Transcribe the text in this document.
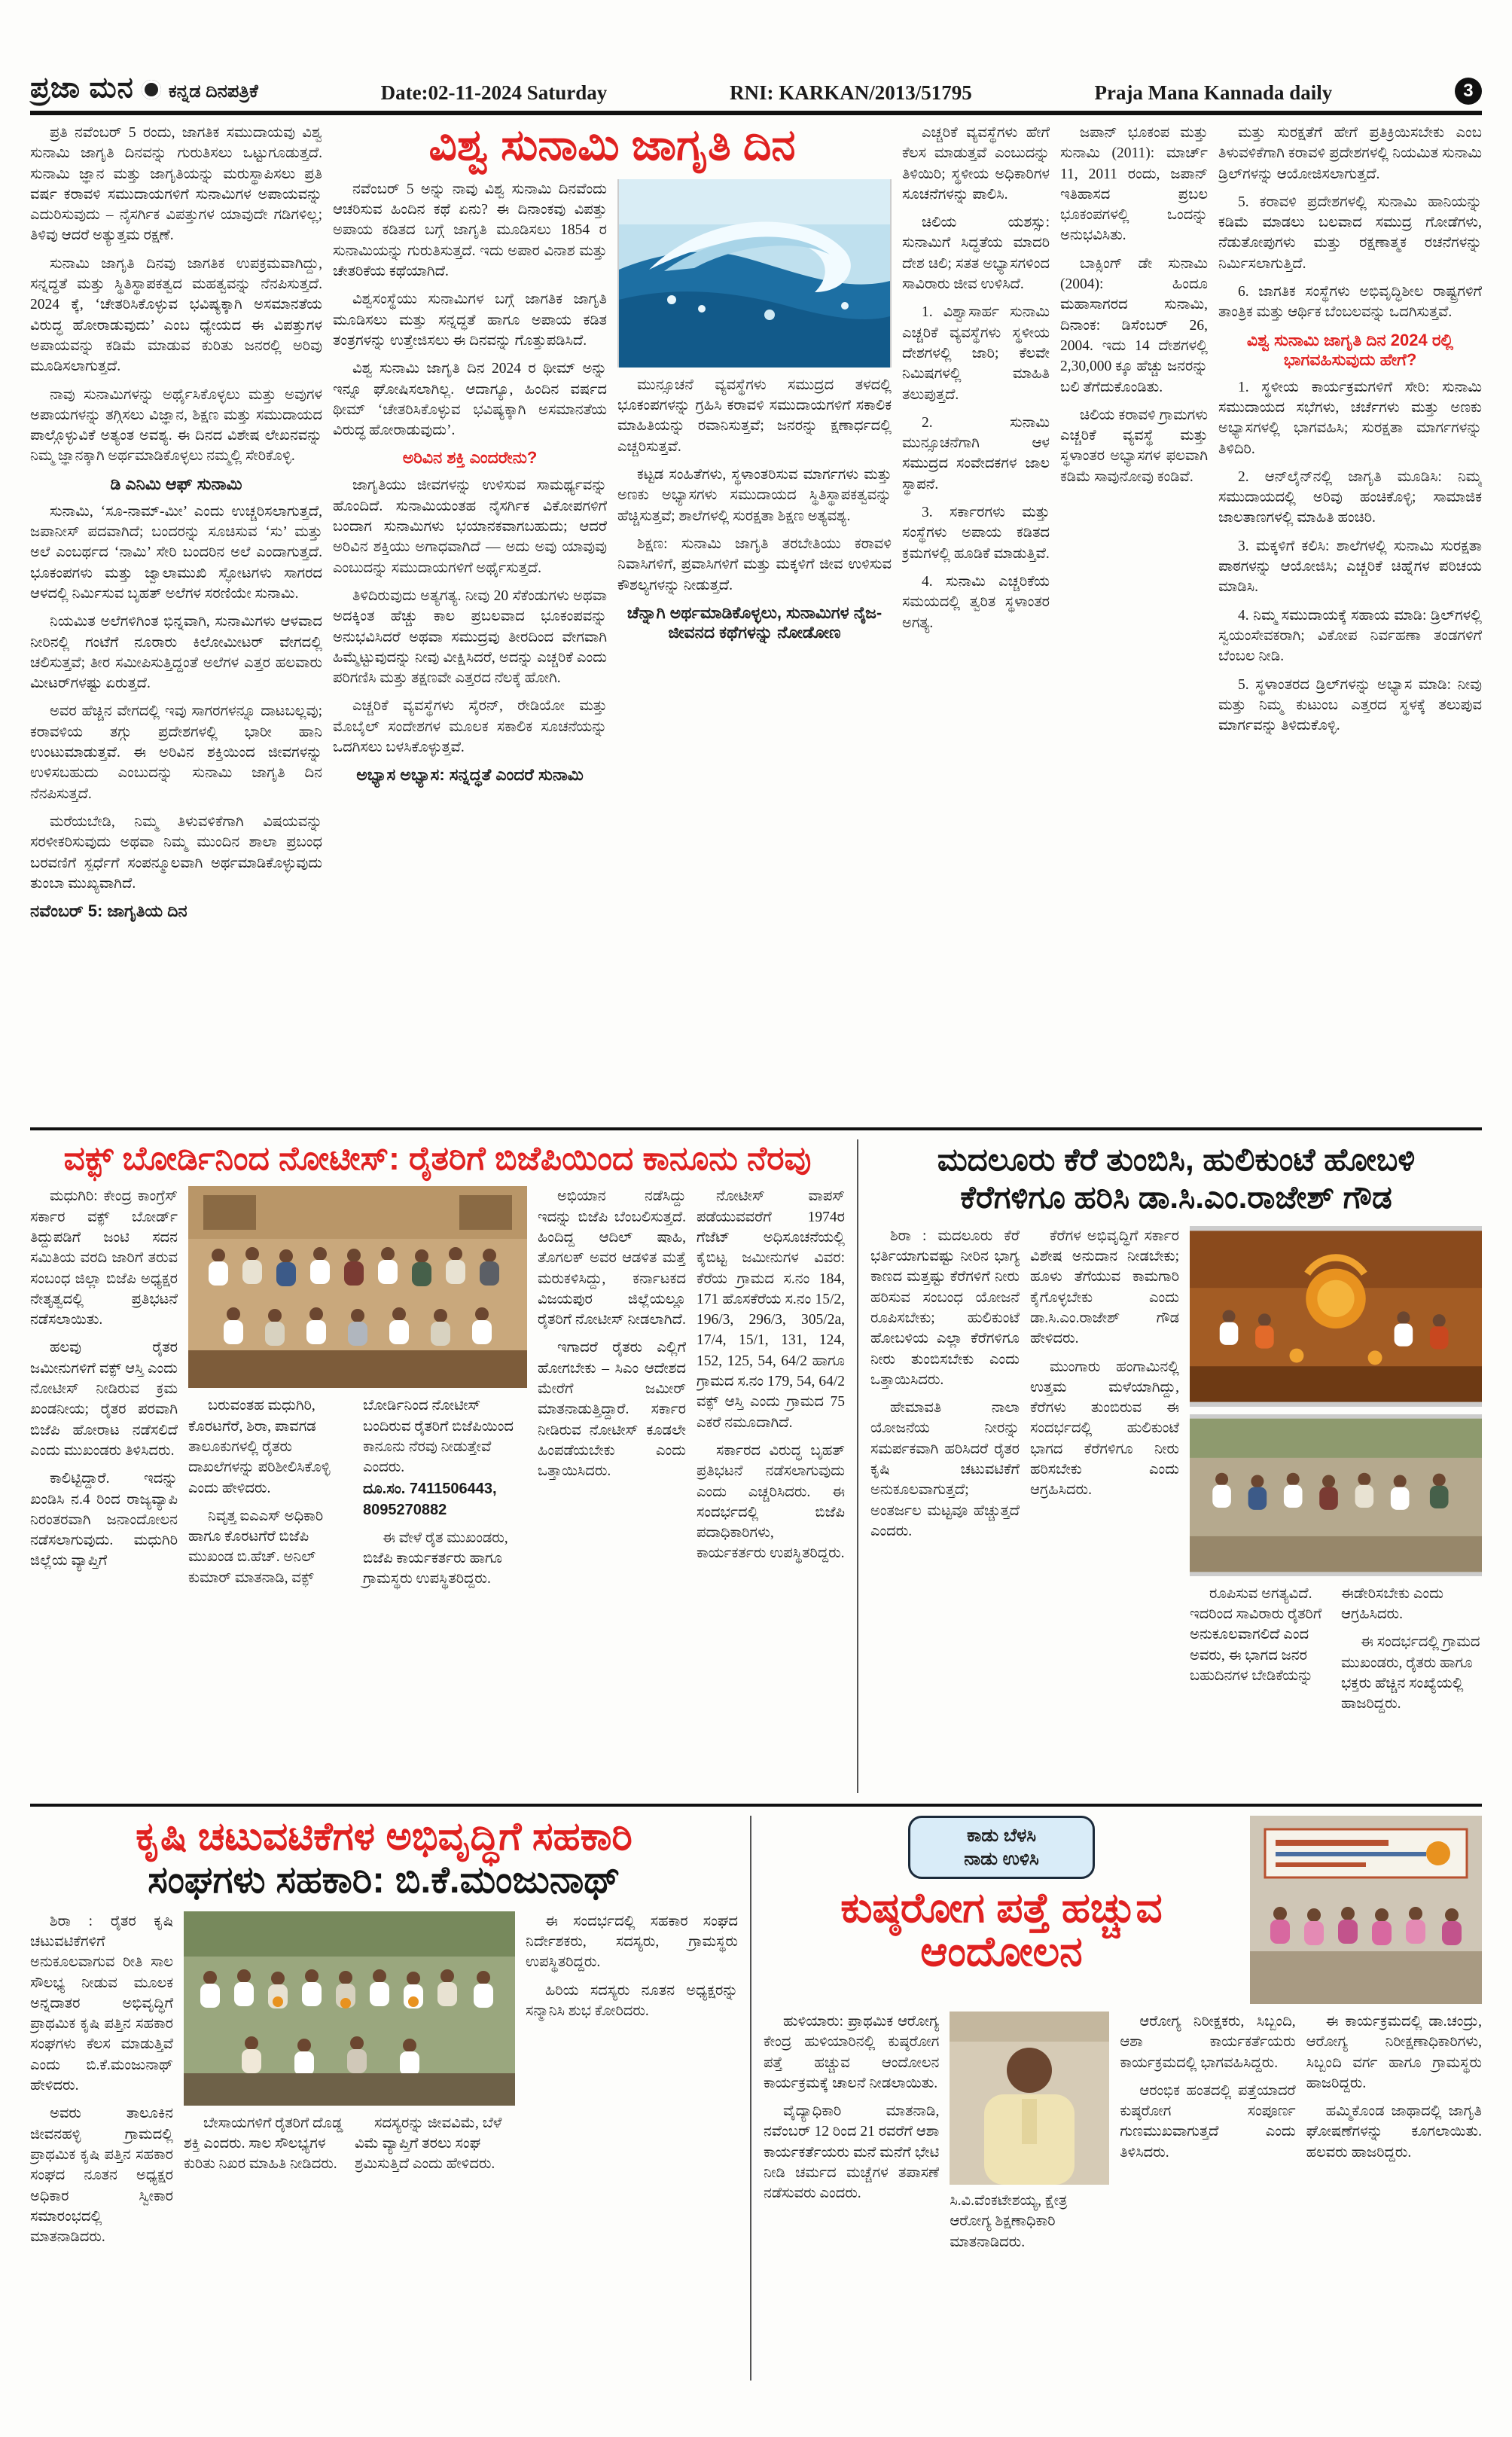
ಪ್ರಜಾ ಮನ ಕನ್ನಡ ದಿನಪತ್ರಿಕೆ	Date:02-11-2024 Saturday	RNI: KARKAN/2013/51795	Praja Mana Kannada daily	3

ಪ್ರತಿ ನವೆಂಬರ್ 5 ರಂದು, ಜಾಗತಿಕ ಸಮುದಾಯವು ವಿಶ್ವ ಸುನಾಮಿ ಜಾಗೃತಿ ದಿನವನ್ನು ಗುರುತಿಸಲು ಒಟ್ಟುಗೂಡುತ್ತದೆ. ಸುನಾಮಿ ಜ್ಞಾನ ಮತ್ತು ಜಾಗೃತಿಯನ್ನು ಮರುಸ್ಥಾಪಿಸಲು ಪ್ರತಿ ವರ್ಷ ಕರಾವಳಿ ಸಮುದಾಯಗಳಿಗೆ ಸುನಾಮಿಗಳ ಅಪಾಯವನ್ನು ಎದುರಿಸುವುದು – ನೈಸರ್ಗಿಕ ವಿಪತ್ತುಗಳ ಯಾವುದೇ ಗಡಿಗಳಿಲ್ಲ; ತಿಳಿವು ಆದರೆ ಅತ್ಯುತ್ತಮ ರಕ್ಷಣೆ.

ಸುನಾಮಿ ಜಾಗೃತಿ ದಿನವು ಜಾಗತಿಕ ಉಪಕ್ರಮವಾಗಿದ್ದು, ಸನ್ನದ್ಧತೆ ಮತ್ತು ಸ್ಥಿತಿಸ್ಥಾಪಕತ್ವದ ಮಹತ್ವವನ್ನು ನೆನಪಿಸುತ್ತದೆ. 2024 ಕ್ಕೆ, ‘ಚೇತರಿಸಿಕೊಳ್ಳುವ ಭವಿಷ್ಯಕ್ಕಾಗಿ ಅಸಮಾನತೆಯ ವಿರುದ್ಧ ಹೋರಾಡುವುದು’ ಎಂಬ ಧ್ಯೇಯದ ಈ ವಿಪತ್ತುಗಳ ಅಪಾಯವನ್ನು ಕಡಿಮೆ ಮಾಡುವ ಕುರಿತು ಜನರಲ್ಲಿ ಅರಿವು ಮೂಡಿಸಲಾಗುತ್ತದೆ.

ನಾವು ಸುನಾಮಿಗಳನ್ನು ಅರ್ಥೈಸಿಕೊಳ್ಳಲು ಮತ್ತು ಅವುಗಳ ಅಪಾಯಗಳನ್ನು ತಗ್ಗಿಸಲು ವಿಜ್ಞಾನ, ಶಿಕ್ಷಣ ಮತ್ತು ಸಮುದಾಯದ ಪಾಲ್ಗೊಳ್ಳುವಿಕೆ ಅತ್ಯಂತ ಅವಶ್ಯ. ಈ ದಿನದ ವಿಶೇಷ ಲೇಖನವನ್ನು ನಿಮ್ಮ ಜ್ಞಾನಕ್ಕಾಗಿ ಅರ್ಥಮಾಡಿಕೊಳ್ಳಲು ನಮ್ಮಲ್ಲಿ ಸೇರಿಕೊಳ್ಳಿ.

ಡಿ ಎನಿಮಿ ಆಫ್ ಸುನಾಮಿ

ಸುನಾಮಿ, ‘ಸೂ-ನಾಮ್-ಮೀ’ ಎಂದು ಉಚ್ಚರಿಸಲಾಗುತ್ತದೆ, ಜಪಾನೀಸ್ ಪದವಾಗಿದೆ; ಬಂದರನ್ನು ಸೂಚಿಸುವ ‘ಸು’ ಮತ್ತು ಅಲೆ ಎಂಬರ್ಥದ ‘ನಾಮಿ’ ಸೇರಿ ಬಂದರಿನ ಅಲೆ ಎಂದಾಗುತ್ತದೆ. ಭೂಕಂಪಗಳು ಮತ್ತು ಜ್ವಾಲಾಮುಖಿ ಸ್ಫೋಟಗಳು ಸಾಗರದ ಆಳದಲ್ಲಿ ನಿರ್ಮಿಸುವ ಬೃಹತ್ ಅಲೆಗಳ ಸರಣಿಯೇ ಸುನಾಮಿ.

ನಿಯಮಿತ ಅಲೆಗಳಿಗಿಂತ ಭಿನ್ನವಾಗಿ, ಸುನಾಮಿಗಳು ಆಳವಾದ ನೀರಿನಲ್ಲಿ ಗಂಟೆಗೆ ನೂರಾರು ಕಿಲೋಮೀಟರ್ ವೇಗದಲ್ಲಿ ಚಲಿಸುತ್ತವೆ; ತೀರ ಸಮೀಪಿಸುತ್ತಿದ್ದಂತೆ ಅಲೆಗಳ ಎತ್ತರ ಹಲವಾರು ಮೀಟರ್‌ಗಳಷ್ಟು ಏರುತ್ತದೆ.

ಅವರ ಹೆಚ್ಚಿನ ವೇಗದಲ್ಲಿ ಇವು ಸಾಗರಗಳನ್ನೂ ದಾಟಬಲ್ಲವು; ಕರಾವಳಿಯ ತಗ್ಗು ಪ್ರದೇಶಗಳಲ್ಲಿ ಭಾರೀ ಹಾನಿ ಉಂಟುಮಾಡುತ್ತವೆ. ಈ ಅರಿವಿನ ಶಕ್ತಿಯಿಂದ ಜೀವಗಳನ್ನು ಉಳಿಸಬಹುದು ಎಂಬುದನ್ನು ಸುನಾಮಿ ಜಾಗೃತಿ ದಿನ ನೆನಪಿಸುತ್ತದೆ.

ಮರೆಯಬೇಡಿ, ನಿಮ್ಮ ತಿಳುವಳಿಕೆಗಾಗಿ ವಿಷಯವನ್ನು ಸರಳೀಕರಿಸುವುದು ಅಥವಾ ನಿಮ್ಮ ಮುಂದಿನ ಶಾಲಾ ಪ್ರಬಂಧ ಬರವಣಿಗೆ ಸ್ಪರ್ಧೆಗೆ ಸಂಪನ್ಮೂಲವಾಗಿ ಅರ್ಥಮಾಡಿಕೊಳ್ಳುವುದು ತುಂಬಾ ಮುಖ್ಯವಾಗಿದೆ.

ನವೆಂಬರ್ 5: ಜಾಗೃತಿಯ ದಿನ

ವಿಶ್ವ ಸುನಾಮಿ ಜಾಗೃತಿ ದಿನ

ನವೆಂಬರ್ 5 ಅನ್ನು ನಾವು ವಿಶ್ವ ಸುನಾಮಿ ದಿನವೆಂದು ಆಚರಿಸುವ ಹಿಂದಿನ ಕಥೆ ಏನು? ಈ ದಿನಾಂಕವು ವಿಪತ್ತು ಅಪಾಯ ಕಡಿತದ ಬಗ್ಗೆ ಜಾಗೃತಿ ಮೂಡಿಸಲು 1854 ರ ಸುನಾಮಿಯನ್ನು ಗುರುತಿಸುತ್ತದೆ. ಇದು ಅಪಾರ ವಿನಾಶ ಮತ್ತು ಚೇತರಿಕೆಯ ಕಥೆಯಾಗಿದೆ.

ವಿಶ್ವಸಂಸ್ಥೆಯು ಸುನಾಮಿಗಳ ಬಗ್ಗೆ ಜಾಗತಿಕ ಜಾಗೃತಿ ಮೂಡಿಸಲು ಮತ್ತು ಸನ್ನದ್ಧತೆ ಹಾಗೂ ಅಪಾಯ ಕಡಿತ ತಂತ್ರಗಳನ್ನು ಉತ್ತೇಜಿಸಲು ಈ ದಿನವನ್ನು ಗೊತ್ತುಪಡಿಸಿದೆ.

ವಿಶ್ವ ಸುನಾಮಿ ಜಾಗೃತಿ ದಿನ 2024 ರ ಥೀಮ್ ಅನ್ನು ಇನ್ನೂ ಘೋಷಿಸಲಾಗಿಲ್ಲ. ಆದಾಗ್ಯೂ, ಹಿಂದಿನ ವರ್ಷದ ಥೀಮ್ ‘ಚೇತರಿಸಿಕೊಳ್ಳುವ ಭವಿಷ್ಯಕ್ಕಾಗಿ ಅಸಮಾನತೆಯ ವಿರುದ್ಧ ಹೋರಾಡುವುದು’.

ಅರಿವಿನ ಶಕ್ತಿ ಎಂದರೇನು?

ಜಾಗೃತಿಯು ಜೀವಗಳನ್ನು ಉಳಿಸುವ ಸಾಮರ್ಥ್ಯವನ್ನು ಹೊಂದಿದೆ. ಸುನಾಮಿಯಂತಹ ನೈಸರ್ಗಿಕ ವಿಕೋಪಗಳಿಗೆ ಬಂದಾಗ ಸುನಾಮಿಗಳು ಭಯಾನಕವಾಗಬಹುದು; ಆದರೆ ಅರಿವಿನ ಶಕ್ತಿಯು ಅಗಾಧವಾಗಿದೆ — ಅದು ಅವು ಯಾವುವು ಎಂಬುದನ್ನು ಸಮುದಾಯಗಳಿಗೆ ಅರ್ಥೈಸುತ್ತದೆ.

ತಿಳಿದಿರುವುದು ಅತ್ಯಗತ್ಯ. ನೀವು 20 ಸೆಕೆಂಡುಗಳು ಅಥವಾ ಅದಕ್ಕಿಂತ ಹೆಚ್ಚು ಕಾಲ ಪ್ರಬಲವಾದ ಭೂಕಂಪವನ್ನು ಅನುಭವಿಸಿದರೆ ಅಥವಾ ಸಮುದ್ರವು ತೀರದಿಂದ ವೇಗವಾಗಿ ಹಿಮ್ಮೆಟ್ಟುವುದನ್ನು ನೀವು ವೀಕ್ಷಿಸಿದರೆ, ಅದನ್ನು ಎಚ್ಚರಿಕೆ ಎಂದು ಪರಿಗಣಿಸಿ ಮತ್ತು ತಕ್ಷಣವೇ ಎತ್ತರದ ನೆಲಕ್ಕೆ ಹೋಗಿ.

ಎಚ್ಚರಿಕೆ ವ್ಯವಸ್ಥೆಗಳು ಸೈರನ್, ರೇಡಿಯೋ ಮತ್ತು ಮೊಬೈಲ್ ಸಂದೇಶಗಳ ಮೂಲಕ ಸಕಾಲಿಕ ಸೂಚನೆಯನ್ನು ಒದಗಿಸಲು ಬಳಸಿಕೊಳ್ಳುತ್ತವೆ.

ಅಭ್ಯಾಸ ಅಭ್ಯಾಸ: ಸನ್ನದ್ಧತೆ ಎಂದರೆ ಸುನಾಮಿ

ಮುನ್ಸೂಚನೆ ವ್ಯವಸ್ಥೆಗಳು ಸಮುದ್ರದ ತಳದಲ್ಲಿ ಭೂಕಂಪಗಳನ್ನು ಗ್ರಹಿಸಿ ಕರಾವಳಿ ಸಮುದಾಯಗಳಿಗೆ ಸಕಾಲಿಕ ಮಾಹಿತಿಯನ್ನು ರವಾನಿಸುತ್ತವೆ; ಜನರನ್ನು ಕ್ಷಣಾರ್ಧದಲ್ಲಿ ಎಚ್ಚರಿಸುತ್ತವೆ.

ಕಟ್ಟಡ ಸಂಹಿತೆಗಳು, ಸ್ಥಳಾಂತರಿಸುವ ಮಾರ್ಗಗಳು ಮತ್ತು ಅಣಕು ಅಭ್ಯಾಸಗಳು ಸಮುದಾಯದ ಸ್ಥಿತಿಸ್ಥಾಪಕತ್ವವನ್ನು ಹೆಚ್ಚಿಸುತ್ತವೆ; ಶಾಲೆಗಳಲ್ಲಿ ಸುರಕ್ಷತಾ ಶಿಕ್ಷಣ ಅತ್ಯವಶ್ಯ.

ಶಿಕ್ಷಣ: ಸುನಾಮಿ ಜಾಗೃತಿ ತರಬೇತಿಯು ಕರಾವಳಿ ನಿವಾಸಿಗಳಿಗೆ, ಪ್ರವಾಸಿಗಳಿಗೆ ಮತ್ತು ಮಕ್ಕಳಿಗೆ ಜೀವ ಉಳಿಸುವ ಕೌಶಲ್ಯಗಳನ್ನು ನೀಡುತ್ತದೆ.

ಚೆನ್ನಾಗಿ ಅರ್ಥಮಾಡಿಕೊಳ್ಳಲು, ಸುನಾಮಿಗಳ ನೈಜ-ಜೀವನದ ಕಥೆಗಳನ್ನು ನೋಡೋಣ

ಎಚ್ಚರಿಕೆ ವ್ಯವಸ್ಥೆಗಳು ಹೇಗೆ ಕೆಲಸ ಮಾಡುತ್ತವೆ ಎಂಬುದನ್ನು ತಿಳಿಯಿರಿ; ಸ್ಥಳೀಯ ಅಧಿಕಾರಿಗಳ ಸೂಚನೆಗಳನ್ನು ಪಾಲಿಸಿ.

ಚಿಲಿಯ ಯಶಸ್ಸು: ಸುನಾಮಿಗೆ ಸಿದ್ಧತೆಯ ಮಾದರಿ ದೇಶ ಚಿಲಿ; ಸತತ ಅಭ್ಯಾಸಗಳಿಂದ ಸಾವಿರಾರು ಜೀವ ಉಳಿಸಿದೆ.

1. ವಿಶ್ವಾಸಾರ್ಹ ಸುನಾಮಿ ಎಚ್ಚರಿಕೆ ವ್ಯವಸ್ಥೆಗಳು ಸ್ಥಳೀಯ ದೇಶಗಳಲ್ಲಿ ಜಾರಿ; ಕೆಲವೇ ನಿಮಿಷಗಳಲ್ಲಿ ಮಾಹಿತಿ ತಲುಪುತ್ತದೆ.

2. ಸುನಾಮಿ ಮುನ್ಸೂಚನೆಗಾಗಿ ಆಳ ಸಮುದ್ರದ ಸಂವೇದಕಗಳ ಜಾಲ ಸ್ಥಾಪನೆ.

3. ಸರ್ಕಾರಗಳು ಮತ್ತು ಸಂಸ್ಥೆಗಳು ಅಪಾಯ ಕಡಿತದ ಕ್ರಮಗಳಲ್ಲಿ ಹೂಡಿಕೆ ಮಾಡುತ್ತಿವೆ.

4. ಸುನಾಮಿ ಎಚ್ಚರಿಕೆಯ ಸಮಯದಲ್ಲಿ ತ್ವರಿತ ಸ್ಥಳಾಂತರ ಅಗತ್ಯ.

ಜಪಾನ್ ಭೂಕಂಪ ಮತ್ತು ಸುನಾಮಿ (2011): ಮಾರ್ಚ್ 11, 2011 ರಂದು, ಜಪಾನ್ ಇತಿಹಾಸದ ಪ್ರಬಲ ಭೂಕಂಪಗಳಲ್ಲಿ ಒಂದನ್ನು ಅನುಭವಿಸಿತು.

ಬಾಕ್ಸಿಂಗ್ ಡೇ ಸುನಾಮಿ (2004): ಹಿಂದೂ ಮಹಾಸಾಗರದ ಸುನಾಮಿ, ದಿನಾಂಕ: ಡಿಸೆಂಬರ್ 26, 2004. ಇದು 14 ದೇಶಗಳಲ್ಲಿ 2,30,000 ಕ್ಕೂ ಹೆಚ್ಚು ಜನರನ್ನು ಬಲಿ ತೆಗೆದುಕೊಂಡಿತು.

ಚಿಲಿಯ ಕರಾವಳಿ ಗ್ರಾಮಗಳು ಎಚ್ಚರಿಕೆ ವ್ಯವಸ್ಥೆ ಮತ್ತು ಸ್ಥಳಾಂತರ ಅಭ್ಯಾಸಗಳ ಫಲವಾಗಿ ಕಡಿಮೆ ಸಾವುನೋವು ಕಂಡಿವೆ.

ಮತ್ತು ಸುರಕ್ಷತೆಗೆ ಹೇಗೆ ಪ್ರತಿಕ್ರಿಯಿಸಬೇಕು ಎಂಬ ತಿಳುವಳಿಕೆಗಾಗಿ ಕರಾವಳಿ ಪ್ರದೇಶಗಳಲ್ಲಿ ನಿಯಮಿತ ಸುನಾಮಿ ಡ್ರಿಲ್‌ಗಳನ್ನು ಆಯೋಜಿಸಲಾಗುತ್ತದೆ.

5. ಕರಾವಳಿ ಪ್ರದೇಶಗಳಲ್ಲಿ ಸುನಾಮಿ ಹಾನಿಯನ್ನು ಕಡಿಮೆ ಮಾಡಲು ಬಲವಾದ ಸಮುದ್ರ ಗೋಡೆಗಳು, ನೆಡುತೋಪುಗಳು ಮತ್ತು ರಕ್ಷಣಾತ್ಮಕ ರಚನೆಗಳನ್ನು ನಿರ್ಮಿಸಲಾಗುತ್ತಿದೆ.

6. ಜಾಗತಿಕ ಸಂಸ್ಥೆಗಳು ಅಭಿವೃದ್ಧಿಶೀಲ ರಾಷ್ಟ್ರಗಳಿಗೆ ತಾಂತ್ರಿಕ ಮತ್ತು ಆರ್ಥಿಕ ಬೆಂಬಲವನ್ನು ಒದಗಿಸುತ್ತವೆ.

ವಿಶ್ವ ಸುನಾಮಿ ಜಾಗೃತಿ ದಿನ 2024 ರಲ್ಲಿ ಭಾಗವಹಿಸುವುದು ಹೇಗೆ?

1. ಸ್ಥಳೀಯ ಕಾರ್ಯಕ್ರಮಗಳಿಗೆ ಸೇರಿ: ಸುನಾಮಿ ಸಮುದಾಯದ ಸಭೆಗಳು, ಚರ್ಚೆಗಳು ಮತ್ತು ಅಣಕು ಅಭ್ಯಾಸಗಳಲ್ಲಿ ಭಾಗವಹಿಸಿ; ಸುರಕ್ಷತಾ ಮಾರ್ಗಗಳನ್ನು ತಿಳಿದಿರಿ.

2. ಆನ್‌ಲೈನ್‌ನಲ್ಲಿ ಜಾಗೃತಿ ಮೂಡಿಸಿ: ನಿಮ್ಮ ಸಮುದಾಯದಲ್ಲಿ ಅರಿವು ಹಂಚಿಕೊಳ್ಳಿ; ಸಾಮಾಜಿಕ ಜಾಲತಾಣಗಳಲ್ಲಿ ಮಾಹಿತಿ ಹಂಚಿರಿ.

3. ಮಕ್ಕಳಿಗೆ ಕಲಿಸಿ: ಶಾಲೆಗಳಲ್ಲಿ ಸುನಾಮಿ ಸುರಕ್ಷತಾ ಪಾಠಗಳನ್ನು ಆಯೋಜಿಸಿ; ಎಚ್ಚರಿಕೆ ಚಿಹ್ನೆಗಳ ಪರಿಚಯ ಮಾಡಿಸಿ.

4. ನಿಮ್ಮ ಸಮುದಾಯಕ್ಕೆ ಸಹಾಯ ಮಾಡಿ: ಡ್ರಿಲ್‌ಗಳಲ್ಲಿ ಸ್ವಯಂಸೇವಕರಾಗಿ; ವಿಕೋಪ ನಿರ್ವಹಣಾ ತಂಡಗಳಿಗೆ ಬೆಂಬಲ ನೀಡಿ.

5. ಸ್ಥಳಾಂತರದ ಡ್ರಿಲ್‌ಗಳನ್ನು ಅಭ್ಯಾಸ ಮಾಡಿ: ನೀವು ಮತ್ತು ನಿಮ್ಮ ಕುಟುಂಬ ಎತ್ತರದ ಸ್ಥಳಕ್ಕೆ ತಲುಪುವ ಮಾರ್ಗವನ್ನು ತಿಳಿದುಕೊಳ್ಳಿ.

ವಕ್ಫ್ ಬೋರ್ಡಿನಿಂದ ನೋಟೀಸ್: ರೈತರಿಗೆ ಬಿಜೆಪಿಯಿಂದ ಕಾನೂನು ನೆರವು

ಮಧುಗಿರಿ: ಕೇಂದ್ರ ಕಾಂಗ್ರೆಸ್ ಸರ್ಕಾರ ವಕ್ಫ್ ಬೋರ್ಡ್ ತಿದ್ದುಪಡಿಗೆ ಜಂಟಿ ಸದನ ಸಮಿತಿಯ ವರದಿ ಜಾರಿಗೆ ತರುವ ಸಂಬಂಧ ಜಿಲ್ಲಾ ಬಿಜೆಪಿ ಅಧ್ಯಕ್ಷರ ನೇತೃತ್ವದಲ್ಲಿ ಪ್ರತಿಭಟನೆ ನಡೆಸಲಾಯಿತು.

ಹಲವು ರೈತರ ಜಮೀನುಗಳಿಗೆ ವಕ್ಫ್ ಆಸ್ತಿ ಎಂದು ನೋಟೀಸ್ ನೀಡಿರುವ ಕ್ರಮ ಖಂಡನೀಯ; ರೈತರ ಪರವಾಗಿ ಬಿಜೆಪಿ ಹೋರಾಟ ನಡೆಸಲಿದೆ ಎಂದು ಮುಖಂಡರು ತಿಳಿಸಿದರು.

ಕಾಲಿಟ್ಟಿದ್ದಾರೆ. ಇದನ್ನು ಖಂಡಿಸಿ ನ.4 ರಿಂದ ರಾಜ್ಯವ್ಯಾಪಿ ನಿರಂತರವಾಗಿ ಜನಾಂದೋಲನ ನಡೆಸಲಾಗುವುದು. ಮಧುಗಿರಿ ಜಿಲ್ಲೆಯ ವ್ಯಾಪ್ತಿಗೆ

ಬರುವಂತಹ ಮಧುಗಿರಿ, ಕೊರಟಗೆರೆ, ಶಿರಾ, ಪಾವಗಡ ತಾಲೂಕುಗಳಲ್ಲಿ ರೈತರು ದಾಖಲೆಗಳನ್ನು ಪರಿಶೀಲಿಸಿಕೊಳ್ಳಿ ಎಂದು ಹೇಳಿದರು.

ನಿವೃತ್ತ ಐಎಎಸ್ ಅಧಿಕಾರಿ ಹಾಗೂ ಕೊರಟಗೆರೆ ಬಿಜೆಪಿ ಮುಖಂಡ ಬಿ.ಹೆಚ್. ಅನಿಲ್ ಕುಮಾರ್ ಮಾತನಾಡಿ, ವಕ್ಫ್ ಬೋರ್ಡಿನಿಂದ ನೋಟೀಸ್ ಬಂದಿರುವ ರೈತರಿಗೆ ಬಿಜೆಪಿಯಿಂದ ಕಾನೂನು ನೆರವು ನೀಡುತ್ತೇವೆ ಎಂದರು.

ದೂ.ಸಂ. 7411506443, 8095270882

ಈ ವೇಳೆ ರೈತ ಮುಖಂಡರು, ಬಿಜೆಪಿ ಕಾರ್ಯಕರ್ತರು ಹಾಗೂ ಗ್ರಾಮಸ್ಥರು ಉಪಸ್ಥಿತರಿದ್ದರು.

ಅಭಿಯಾನ ನಡೆಸಿದ್ದು ಇದನ್ನು ಬಿಜೆಪಿ ಬೆಂಬಲಿಸುತ್ತದೆ. ಹಿಂದಿದ್ದ ಆದಿಲ್ ಷಾಹಿ, ತೊಗಲಕ್ ಅವರ ಆಡಳಿತ ಮತ್ತೆ ಮರುಕಳಿಸಿದ್ದು, ಕರ್ನಾಟಕದ ವಿಜಯಪುರ ಜಿಲ್ಲೆಯಲ್ಲೂ ರೈತರಿಗೆ ನೋಟೀಸ್ ನೀಡಲಾಗಿದೆ.

ಇಗಾದರೆ ರೈತರು ಎಲ್ಲಿಗೆ ಹೋಗಬೇಕು – ಸಿಎಂ ಆದೇಶದ ಮೇರೆಗೆ ಜಮೀರ್ ಮಾತನಾಡುತ್ತಿದ್ದಾರೆ. ಸರ್ಕಾರ ನೀಡಿರುವ ನೋಟೀಸ್ ಕೂಡಲೇ ಹಿಂಪಡೆಯಬೇಕು ಎಂದು ಒತ್ತಾಯಿಸಿದರು.

ನೋಟೀಸ್ ವಾಪಸ್ ಪಡೆಯುವವರೆಗೆ 1974ರ ಗೆಜೆಟ್ ಅಧಿಸೂಚನೆಯಲ್ಲಿ ಕೈಬಿಟ್ಟ ಜಮೀನುಗಳ ವಿವರ: ಕೆರೆಯ ಗ್ರಾಮದ ಸ.ನಂ 184, 171 ಹೊಸಕೆರೆಯ ಸ.ನಂ 15/2, 196/3, 296/3, 305/2a, 17/4, 15/1, 131, 124, 152, 125, 54, 64/2 ಹಾಗೂ ಗ್ರಾಮದ ಸ.ನಂ 179, 54, 64/2 ವಕ್ಫ್ ಆಸ್ತಿ ಎಂದು ಗ್ರಾಮದ 75 ಎಕರೆ ನಮೂದಾಗಿದೆ.

ಸರ್ಕಾರದ ವಿರುದ್ಧ ಬೃಹತ್ ಪ್ರತಿಭಟನೆ ನಡೆಸಲಾಗುವುದು ಎಂದು ಎಚ್ಚರಿಸಿದರು. ಈ ಸಂದರ್ಭದಲ್ಲಿ ಬಿಜೆಪಿ ಪದಾಧಿಕಾರಿಗಳು, ಕಾರ್ಯಕರ್ತರು ಉಪಸ್ಥಿತರಿದ್ದರು.

ಮದಲೂರು ಕೆರೆ ತುಂಬಿಸಿ, ಹುಲಿಕುಂಟೆ ಹೋಬಳಿ
ಕೆರೆಗಳಿಗೂ ಹರಿಸಿ ಡಾ.ಸಿ.ಎಂ.ರಾಜೇಶ್ ಗೌಡ

ಶಿರಾ : ಮದಲೂರು ಕೆರೆ ಭರ್ತಿಯಾಗುವಷ್ಟು ನೀರಿನ ಭಾಗ್ಯ ಕಾಣದ ಮತ್ತಷ್ಟು ಕೆರೆಗಳಿಗೆ ನೀರು ಹರಿಸುವ ಸಂಬಂಧ ಯೋಜನೆ ರೂಪಿಸಬೇಕು; ಹುಲಿಕುಂಟೆ ಹೋಬಳಿಯ ಎಲ್ಲಾ ಕೆರೆಗಳಿಗೂ ನೀರು ತುಂಬಿಸಬೇಕು ಎಂದು ಒತ್ತಾಯಿಸಿದರು.

ಹೇಮಾವತಿ ನಾಲಾ ಯೋಜನೆಯ ನೀರನ್ನು ಸಮರ್ಪಕವಾಗಿ ಹರಿಸಿದರೆ ರೈತರ ಕೃಷಿ ಚಟುವಟಿಕೆಗೆ ಅನುಕೂಲವಾಗುತ್ತದೆ; ಅಂತರ್ಜಲ ಮಟ್ಟವೂ ಹೆಚ್ಚುತ್ತದೆ ಎಂದರು.

ಕೆರೆಗಳ ಅಭಿವೃದ್ಧಿಗೆ ಸರ್ಕಾರ ವಿಶೇಷ ಅನುದಾನ ನೀಡಬೇಕು; ಹೂಳು ತೆಗೆಯುವ ಕಾಮಗಾರಿ ಕೈಗೊಳ್ಳಬೇಕು ಎಂದು ಡಾ.ಸಿ.ಎಂ.ರಾಜೇಶ್ ಗೌಡ ಹೇಳಿದರು.

ಮುಂಗಾರು ಹಂಗಾಮಿನಲ್ಲಿ ಉತ್ತಮ ಮಳೆಯಾಗಿದ್ದು, ಕೆರೆಗಳು ತುಂಬಿರುವ ಈ ಸಂದರ್ಭದಲ್ಲಿ ಹುಲಿಕುಂಟೆ ಭಾಗದ ಕೆರೆಗಳಿಗೂ ನೀರು ಹರಿಸಬೇಕು ಎಂದು ಆಗ್ರಹಿಸಿದರು.

ರೂಪಿಸುವ ಅಗತ್ಯವಿದೆ. ಇದರಿಂದ ಸಾವಿರಾರು ರೈತರಿಗೆ ಅನುಕೂಲವಾಗಲಿದೆ ಎಂದ ಅವರು, ಈ ಭಾಗದ ಜನರ ಬಹುದಿನಗಳ ಬೇಡಿಕೆಯನ್ನು ಈಡೇರಿಸಬೇಕು ಎಂದು ಆಗ್ರಹಿಸಿದರು.

ಈ ಸಂದರ್ಭದಲ್ಲಿ ಗ್ರಾಮದ ಮುಖಂಡರು, ರೈತರು ಹಾಗೂ ಭಕ್ತರು ಹೆಚ್ಚಿನ ಸಂಖ್ಯೆಯಲ್ಲಿ ಹಾಜರಿದ್ದರು.

ಕೃಷಿ ಚಟುವಟಿಕೆಗಳ ಅಭಿವೃದ್ಧಿಗೆ ಸಹಕಾರಿ
ಸಂಘಗಳು ಸಹಕಾರಿ: ಬಿ.ಕೆ.ಮಂಜುನಾಥ್

ಶಿರಾ : ರೈತರ ಕೃಷಿ ಚಟುವಟಿಕೆಗಳಿಗೆ ಅನುಕೂಲವಾಗುವ ರೀತಿ ಸಾಲ ಸೌಲಭ್ಯ ನೀಡುವ ಮೂಲಕ ಅನ್ನದಾತರ ಅಭಿವೃದ್ಧಿಗೆ ಪ್ರಾಥಮಿಕ ಕೃಷಿ ಪತ್ತಿನ ಸಹಕಾರ ಸಂಘಗಳು ಕೆಲಸ ಮಾಡುತ್ತಿವೆ ಎಂದು ಬಿ.ಕೆ.ಮಂಜುನಾಥ್ ಹೇಳಿದರು.

ಅವರು ತಾಲೂಕಿನ ಜೀವನಹಳ್ಳಿ ಗ್ರಾಮದಲ್ಲಿ ಪ್ರಾಥಮಿಕ ಕೃಷಿ ಪತ್ತಿನ ಸಹಕಾರ ಸಂಘದ ನೂತನ ಅಧ್ಯಕ್ಷರ ಅಧಿಕಾರ ಸ್ವೀಕಾರ ಸಮಾರಂಭದಲ್ಲಿ ಮಾತನಾಡಿದರು.

ಬೇಸಾಯಗಳಿಗೆ ರೈತರಿಗೆ ದೊಡ್ಡ ಶಕ್ತಿ ಎಂದರು. ಸಾಲ ಸೌಲಭ್ಯಗಳ ಕುರಿತು ನಿಖರ ಮಾಹಿತಿ ನೀಡಿದರು.

ಸದಸ್ಯರನ್ನು ಜೀವವಿಮೆ, ಬೆಳೆ ವಿಮೆ ವ್ಯಾಪ್ತಿಗೆ ತರಲು ಸಂಘ ಶ್ರಮಿಸುತ್ತಿದೆ ಎಂದು ಹೇಳಿದರು.

ಈ ಸಂದರ್ಭದಲ್ಲಿ ಸಹಕಾರ ಸಂಘದ ನಿರ್ದೇಶಕರು, ಸದಸ್ಯರು, ಗ್ರಾಮಸ್ಥರು ಉಪಸ್ಥಿತರಿದ್ದರು.

ಹಿರಿಯ ಸದಸ್ಯರು ನೂತನ ಅಧ್ಯಕ್ಷರನ್ನು ಸನ್ಮಾನಿಸಿ ಶುಭ ಕೋರಿದರು.

ಕಾಡು ಬೆಳಸಿ
ನಾಡು ಉಳಿಸಿ
ಕುಷ್ಠರೋಗ ಪತ್ತೆ ಹಚ್ಚುವ ಆಂದೋಲನ

ಹುಳಿಯಾರು: ಪ್ರಾಥಮಿಕ ಆರೋಗ್ಯ ಕೇಂದ್ರ ಹುಳಿಯಾರಿನಲ್ಲಿ ಕುಷ್ಠರೋಗ ಪತ್ತೆ ಹಚ್ಚುವ ಆಂದೋಲನ ಕಾರ್ಯಕ್ರಮಕ್ಕೆ ಚಾಲನೆ ನೀಡಲಾಯಿತು.

ವೈದ್ಯಾಧಿಕಾರಿ ಮಾತನಾಡಿ, ನವೆಂಬರ್ 12 ರಿಂದ 21 ರವರೆಗೆ ಆಶಾ ಕಾರ್ಯಕರ್ತೆಯರು ಮನೆ ಮನೆಗೆ ಭೇಟಿ ನೀಡಿ ಚರ್ಮದ ಮಚ್ಚೆಗಳ ತಪಾಸಣೆ ನಡೆಸುವರು ಎಂದರು.	ಸಿ.ವಿ.ವೆಂಕಟೇಶಯ್ಯ, ಕ್ಷೇತ್ರ ಆರೋಗ್ಯ ಶಿಕ್ಷಣಾಧಿಕಾರಿ ಮಾತನಾಡಿದರು.

ಆರೋಗ್ಯ ನಿರೀಕ್ಷಕರು, ಸಿಬ್ಬಂದಿ, ಆಶಾ ಕಾರ್ಯಕರ್ತೆಯರು ಕಾರ್ಯಕ್ರಮದಲ್ಲಿ ಭಾಗವಹಿಸಿದ್ದರು.

ಆರಂಭಿಕ ಹಂತದಲ್ಲಿ ಪತ್ತೆಯಾದರೆ ಕುಷ್ಠರೋಗ ಸಂಪೂರ್ಣ ಗುಣಮುಖವಾಗುತ್ತದೆ ಎಂದು ತಿಳಿಸಿದರು.

ಈ ಕಾರ್ಯಕ್ರಮದಲ್ಲಿ ಡಾ.ಚಂದ್ರು, ಆರೋಗ್ಯ ನಿರೀಕ್ಷಣಾಧಿಕಾರಿಗಳು, ಸಿಬ್ಬಂದಿ ವರ್ಗ ಹಾಗೂ ಗ್ರಾಮಸ್ಥರು ಹಾಜರಿದ್ದರು.

ಹಮ್ಮಿಕೊಂಡ ಜಾಥಾದಲ್ಲಿ ಜಾಗೃತಿ ಘೋಷಣೆಗಳನ್ನು ಕೂಗಲಾಯಿತು. ಹಲವರು ಹಾಜರಿದ್ದರು.
